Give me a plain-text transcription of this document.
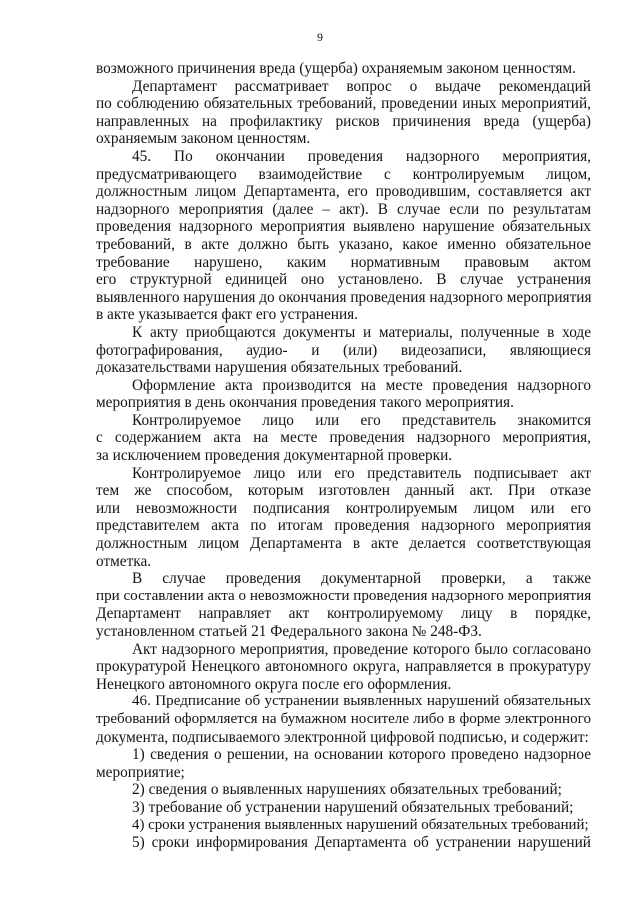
9
возможного причинения вреда (ущерба) охраняемым законом ценностям.
Департамент рассматривает вопрос о выдаче рекомендаций
по соблюдению обязательных требований, проведении иных мероприятий,
направленных на профилактику рисков причинения вреда (ущерба)
охраняемым законом ценностям.
45. По окончании проведения надзорного мероприятия,
предусматривающего взаимодействие с контролируемым лицом,
должностным лицом Департамента, его проводившим, составляется акт
надзорного мероприятия (далее – акт). В случае если по результатам
проведения надзорного мероприятия выявлено нарушение обязательных
требований, в акте должно быть указано, какое именно обязательное
требование нарушено, каким нормативным правовым актом
его структурной единицей оно установлено. В случае устранения
выявленного нарушения до окончания проведения надзорного мероприятия
в акте указывается факт его устранения.
К акту приобщаются документы и материалы, полученные в ходе
фотографирования, аудио- и (или) видеозаписи, являющиеся
доказательствами нарушения обязательных требований.
Оформление акта производится на месте проведения надзорного
мероприятия в день окончания проведения такого мероприятия.
Контролируемое лицо или его представитель знакомится
с содержанием акта на месте проведения надзорного мероприятия,
за исключением проведения документарной проверки.
Контролируемое лицо или его представитель подписывает акт
тем же способом, которым изготовлен данный акт. При отказе
или невозможности подписания контролируемым лицом или его
представителем акта по итогам проведения надзорного мероприятия
должностным лицом Департамента в акте делается соответствующая
отметка.
В случае проведения документарной проверки, а также
при составлении акта о невозможности проведения надзорного мероприятия
Департамент направляет акт контролируемому лицу в порядке,
установленном статьей 21 Федерального закона № 248-ФЗ.
Акт надзорного мероприятия, проведение которого было согласовано
прокуратурой Ненецкого автономного округа, направляется в прокуратуру
Ненецкого автономного округа после его оформления.
46. Предписание об устранении выявленных нарушений обязательных
требований оформляется на бумажном носителе либо в форме электронного
документа, подписываемого электронной цифровой подписью, и содержит:
1) сведения о решении, на основании которого проведено надзорное
мероприятие;
2) сведения о выявленных нарушениях обязательных требований;
3) требование об устранении нарушений обязательных требований;
4) сроки устранения выявленных нарушений обязательных требований;
5) сроки информирования Департамента об устранении нарушений
